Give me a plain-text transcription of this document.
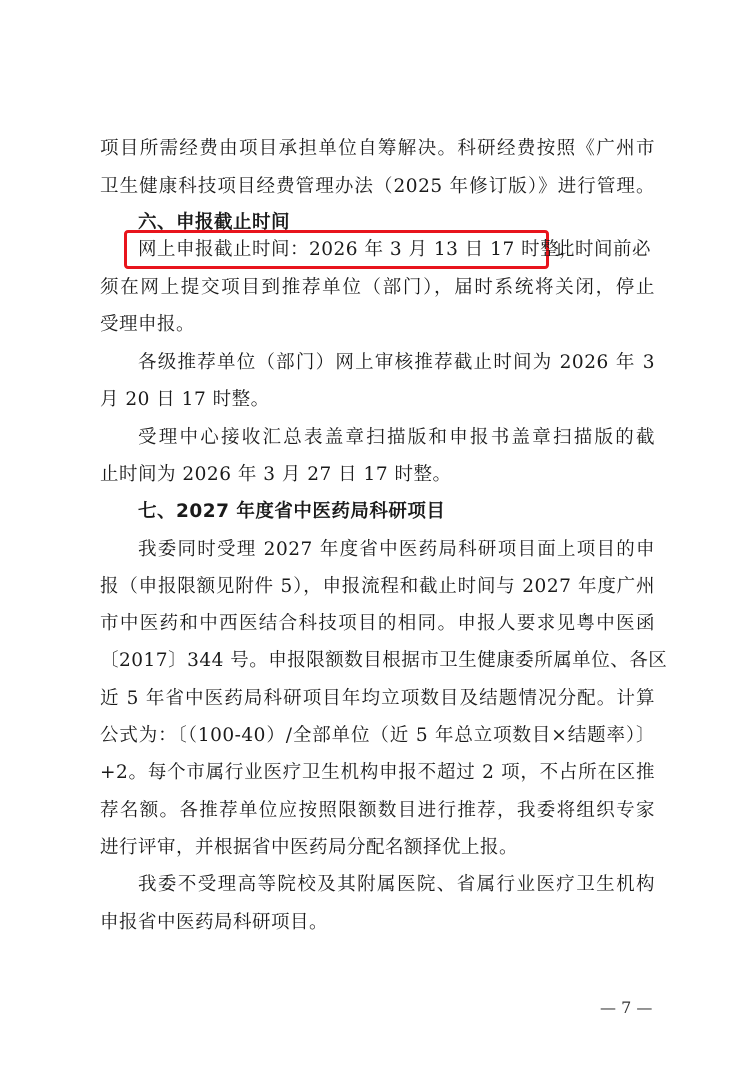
项目所需经费由项目承担单位自筹解决。科研经费按照《广州市
卫生健康科技项目经费管理办法（2025 年修订版）》进行管理。
六、申报截止时间
网上申报截止时间：2026 年 3 月 13 日 17 时整，
此时间前必
须在网上提交项目到推荐单位（部门），届时系统将关闭，停止
受理申报。
各级推荐单位（部门）网上审核推荐截止时间为 2026 年 3
月 20 日 17 时整。
受理中心接收汇总表盖章扫描版和申报书盖章扫描版的截
止时间为 2026 年 3 月 27 日 17 时整。
七、2027 年度省中医药局科研项目
我委同时受理 2027 年度省中医药局科研项目面上项目的申
报（申报限额见附件 5），申报流程和截止时间与 2027 年度广州
市中医药和中西医结合科技项目的相同。申报人要求见粤中医函
〔2017〕344 号。申报限额数目根据市卫生健康委所属单位、各区
近 5 年省中医药局科研项目年均立项数目及结题情况分配。计算
公式为：〔（100-40）/全部单位（近 5 年总立项数目×结题率）〕
+2。每个市属行业医疗卫生机构申报不超过 2 项，不占所在区推
荐名额。各推荐单位应按照限额数目进行推荐，我委将组织专家
进行评审，并根据省中医药局分配名额择优上报。
我委不受理高等院校及其附属医院、省属行业医疗卫生机构
申报省中医药局科研项目。
— 7 —
